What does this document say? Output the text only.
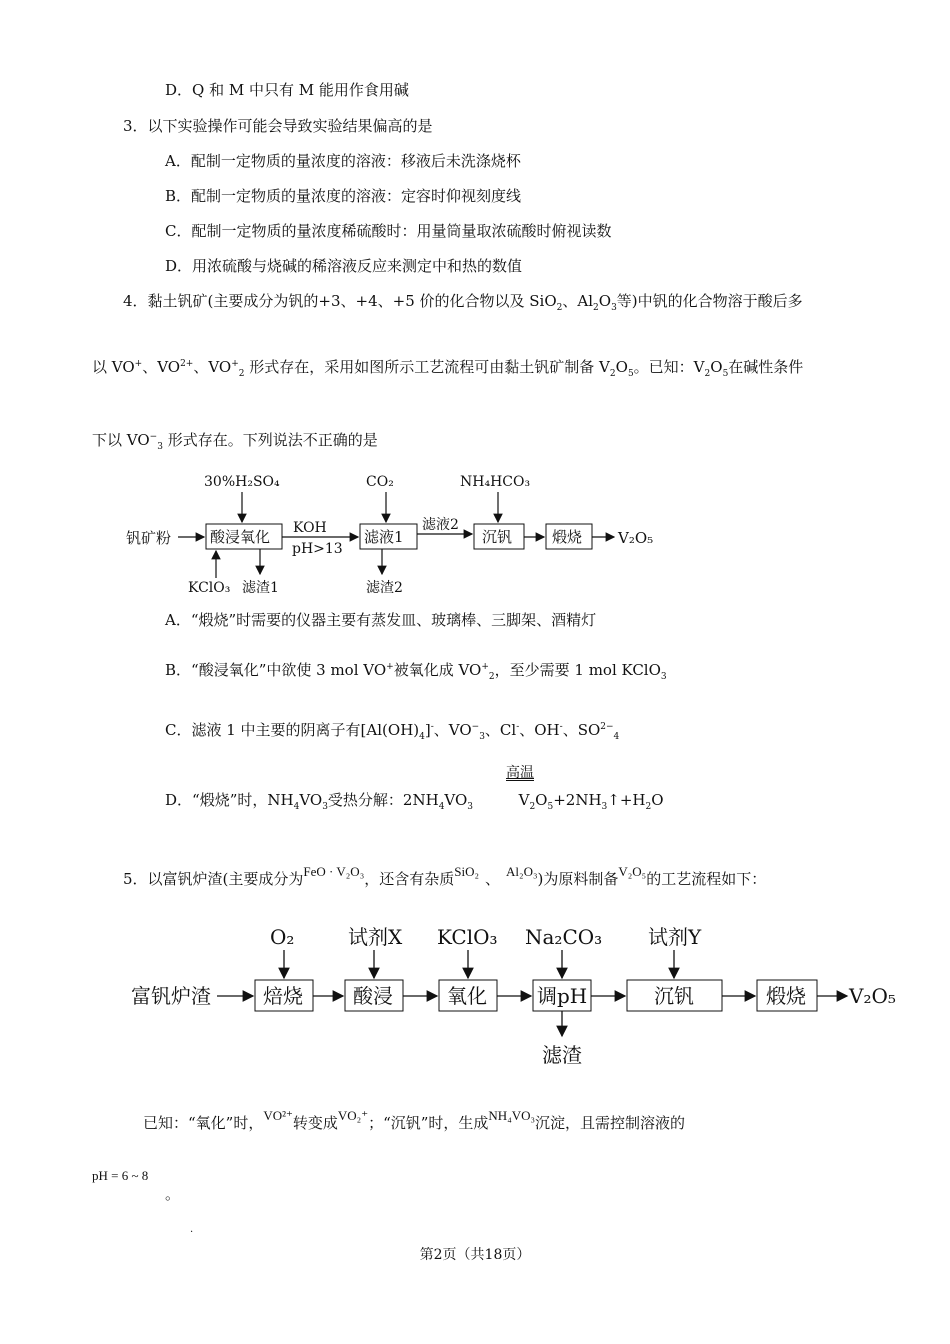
D．Q 和 M 中只有 M 能用作食用碱
3．以下实验操作可能会导致实验结果偏高的是
A．配制一定物质的量浓度的溶液：移液后未洗涤烧杯
B．配制一定物质的量浓度的溶液：定容时仰视刻度线
C．配制一定物质的量浓度稀硫酸时：用量筒量取浓硫酸时俯视读数
D．用浓硫酸与烧碱的稀溶液反应来测定中和热的数值
4．黏土钒矿(主要成分为钒的+3、+4、+5 价的化合物以及 SiO$_2$、$Al_2O_3$等)中钒的化合物溶于酸后多
以 VO+、$VO^{2+}$、$VO^+_2$ 形式存在，采用如图所示工艺流程可由黏土钒矿制备 $V_2O_5$。已知：$V_2O_5$在碱性条件
下以 $VO^-_3$ 形式存在。下列说法不正确的是
钒矿粉	酸浸氧化
30%H₂SO₄
KClO₃ 滤渣1
KOH
pH>13
滤液1
CO₂
滤渣2
滤液2
沉钒
NH₄HCO₃
煅烧 V₂O₅
A．“煅烧”时需要的仪器主要有蒸发皿、玻璃棒、三脚架、酒精灯
B．“酸浸氧化”中欲使 3 mol VO+被氧化成 $VO^+_2$，至少需要 1 mol KClO$_3$
C．滤液 1 中主要的阴离子有$[Al(OH)_4]^-$、$VO^-_3$、Cl-、OH-、$SO^{2-}_4$
高温
D．“煅烧”时，$NH_4VO_3$受热分解：$2NH_4VO_3$	$V_2O_5+2NH_3↑+H_2O$
5．以富钒炉渣(主要成分为FeO · V₂O₃，还含有杂质SiO₂ 、 Al₂O₃)为原料制备V₂O₅的工艺流程如下：
富钒炉渣	焙烧
O₂
酸浸
试剂X
氧化
KClO₃
调pH
Na₂CO₃
滤渣
沉钒
试剂Y
煅烧 V₂O₅
已知：“氧化”时，VO²⁺转变成VO₂⁺；“沉钒”时，生成NH₄VO₃沉淀，且需控制溶液的
pH = 6 ~ 8
。
.
第2页（共18页）
